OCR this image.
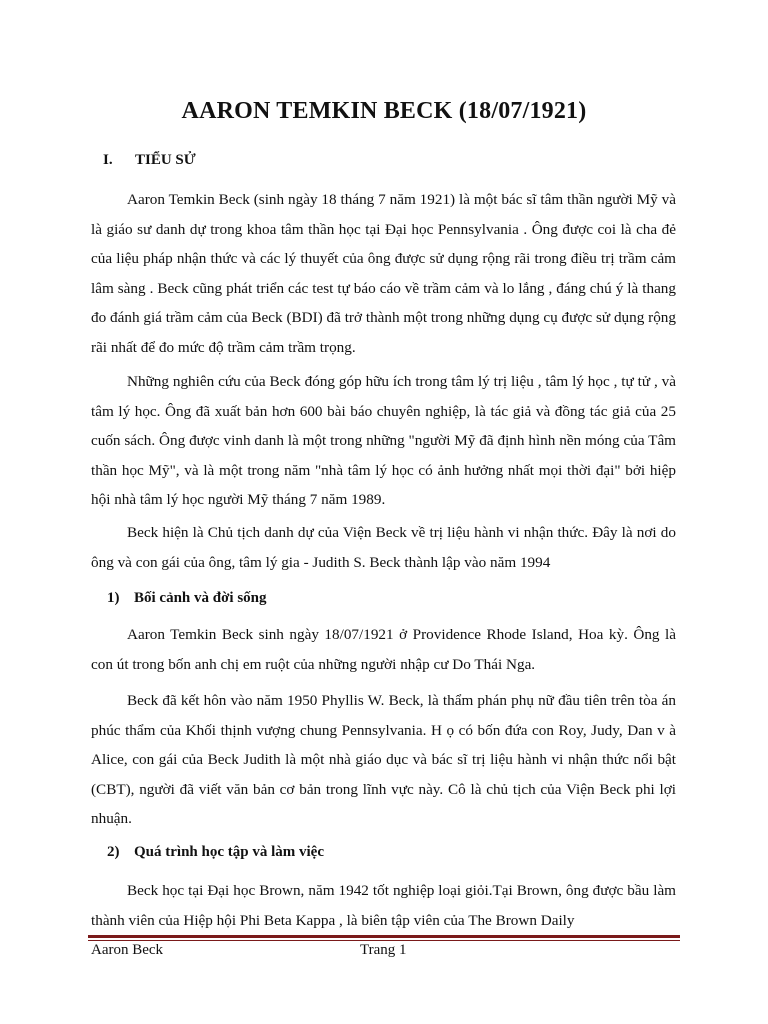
AARON TEMKIN BECK (18/07/1921)
I. TIỂU SỬ
Aaron Temkin Beck (sinh ngày 18 tháng 7 năm 1921) là một bác sĩ tâm thần người Mỹ và là giáo sư danh dự trong khoa tâm thần học tại Đại học Pennsylvania . Ông được coi là cha đẻ của liệu pháp nhận thức và các lý thuyết của ông được sử dụng rộng rãi trong điều trị trầm cảm lâm sàng . Beck cũng phát triển các test tự báo cáo về trầm cảm và lo lắng , đáng chú ý là thang đo đánh giá trầm cảm của Beck (BDI) đã trở thành một trong những dụng cụ được sử dụng rộng rãi nhất để đo mức độ trầm cảm trầm trọng.
Những nghiên cứu của Beck đóng góp hữu ích trong tâm lý trị liệu , tâm lý học , tự tử , và tâm lý học. Ông đã xuất bản hơn 600 bài báo chuyên nghiệp, là tác giả và đồng tác giả của 25 cuốn sách. Ông được vinh danh là một trong những "người Mỹ đã định hình nền móng của Tâm thần học Mỹ", và là một trong năm "nhà tâm lý học có ảnh hưởng nhất mọi thời đại" bởi hiệp hội nhà tâm lý học người Mỹ tháng 7 năm 1989.
Beck hiện là Chủ tịch danh dự của Viện Beck về trị liệu hành vi nhận thức. Đây là nơi do ông và con gái của ông, tâm lý gia - Judith S. Beck thành lập vào năm 1994
1) Bối cảnh và đời sống
Aaron Temkin Beck sinh ngày 18/07/1921 ở Providence Rhode Island, Hoa kỳ. Ông là con út trong bốn anh chị em ruột của những người nhập cư Do Thái Nga.
Beck đã kết hôn vào năm 1950 Phyllis W. Beck, là thẩm phán phụ nữ đầu tiên trên tòa án phúc thẩm của Khối thịnh vượng chung Pennsylvania. H ọ có bốn đứa con Roy, Judy, Dan v à Alice, con gái của Beck Judith là một nhà giáo dục và bác sĩ trị liệu hành vi nhận thức nổi bật (CBT), người đã viết văn bản cơ bản trong lĩnh vực này. Cô là chủ tịch của Viện Beck phi lợi nhuận.
2) Quá trình học tập và làm việc
Beck học tại Đại học Brown, năm 1942 tốt nghiệp loại giỏi.Tại Brown, ông được bầu làm thành viên của Hiệp hội Phi Beta Kappa , là biên tập viên của The Brown Daily
Aaron Beck	Trang 1
